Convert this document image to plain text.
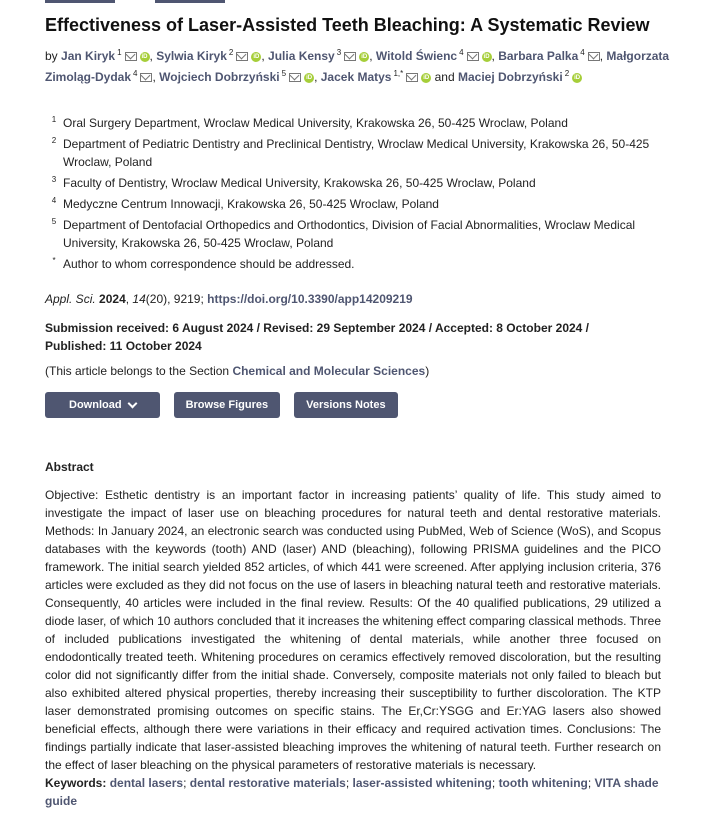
Effectiveness of Laser-Assisted Teeth Bleaching: A Systematic Review
by Jan Kiryk $^1$	iD , Sylwia Kiryk $^2$	iD , Julia Kensy $^3$	iD , Witold Świenc $^4$	iD , Barbara Palka $^4$ , Małgorzata Zimoląg-Dydak $^4$ , Wojciech Dobrzyński $^5$	iD , Jacek Matys $^{1,*}$	iD and Maciej Dobrzyński $^2$ iD
1 Oral Surgery Department, Wroclaw Medical University, Krakowska 26, 50-425 Wroclaw, Poland
2 Department of Pediatric Dentistry and Preclinical Dentistry, Wroclaw Medical University, Krakowska 26, 50-425 Wroclaw, Poland
3 Faculty of Dentistry, Wroclaw Medical University, Krakowska 26, 50-425 Wroclaw, Poland
4 Medyczne Centrum Innowacji, Krakowska 26, 50-425 Wroclaw, Poland
5 Department of Dentofacial Orthopedics and Orthodontics, Division of Facial Abnormalities, Wroclaw Medical University, Krakowska 26, 50-425 Wroclaw, Poland
* Author to whom correspondence should be addressed.
Appl. Sci. 2024, 14(20), 9219; https://doi.org/10.3390/app14209219
Submission received: 6 August 2024 / Revised: 29 September 2024 / Accepted: 8 October 2024 / Published: 11 October 2024
(This article belongs to the Section Chemical and Molecular Sciences)
Download	Browse Figures	Versions Notes
Abstract
Objective: Esthetic dentistry is an important factor in increasing patients’ quality of life. This study aimed to investigate the impact of laser use on bleaching procedures for natural teeth and dental restorative materials. Methods: In January 2024, an electronic search was conducted using PubMed, Web of Science (WoS), and Scopus databases with the keywords (tooth) AND (laser) AND (bleaching), following PRISMA guidelines and the PICO framework. The initial search yielded 852 articles, of which 441 were screened. After applying inclusion criteria, 376 articles were excluded as they did not focus on the use of lasers in bleaching natural teeth and restorative materials. Consequently, 40 articles were included in the final review. Results: Of the 40 qualified publications, 29 utilized a diode laser, of which 10 authors concluded that it increases the whitening effect comparing classical methods. Three of included publications investigated the whitening of dental materials, while another three focused on endodontically treated teeth. Whitening procedures on ceramics effectively removed discoloration, but the resulting color did not significantly differ from the initial shade. Conversely, composite materials not only failed to bleach but also exhibited altered physical properties, thereby increasing their susceptibility to further discoloration. The KTP laser demonstrated promising outcomes on specific stains. The Er,Cr:YSGG and Er:YAG lasers also showed beneficial effects, although there were variations in their efficacy and required activation times. Conclusions: The findings partially indicate that laser-assisted bleaching improves the whitening of natural teeth. Further research on the effect of laser bleaching on the physical parameters of restorative materials is necessary.
Keywords: dental lasers; dental restorative materials; laser-assisted whitening; tooth whitening; VITA shade guide
